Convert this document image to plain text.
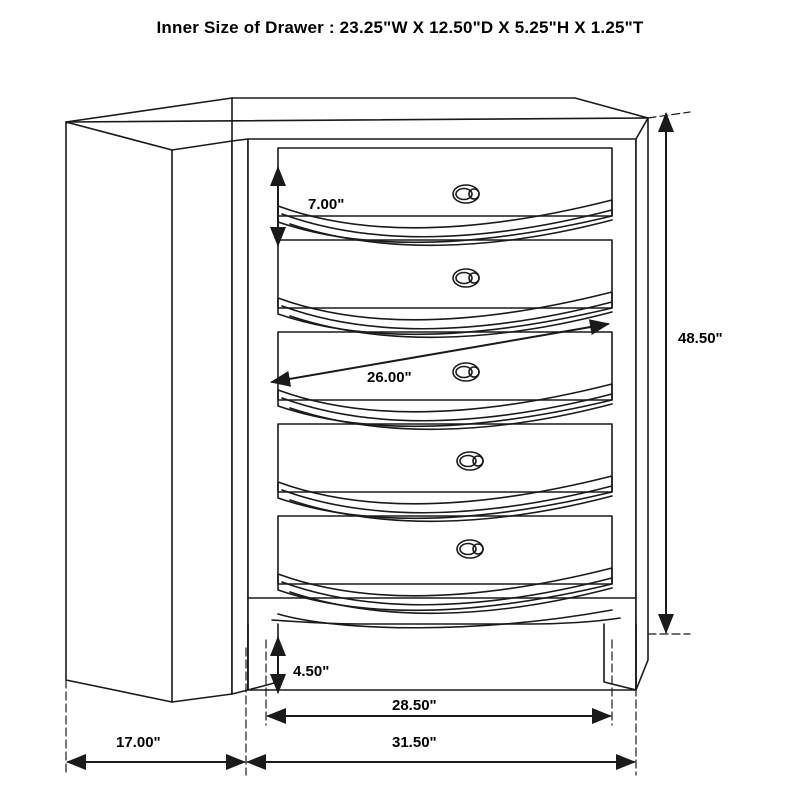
Inner Size of Drawer : 23.25"W X 12.50"D X 5.25"H X 1.25"T
7.00"
48.50"
26.00"
4.50"
28.50"
17.00"	31.50"
